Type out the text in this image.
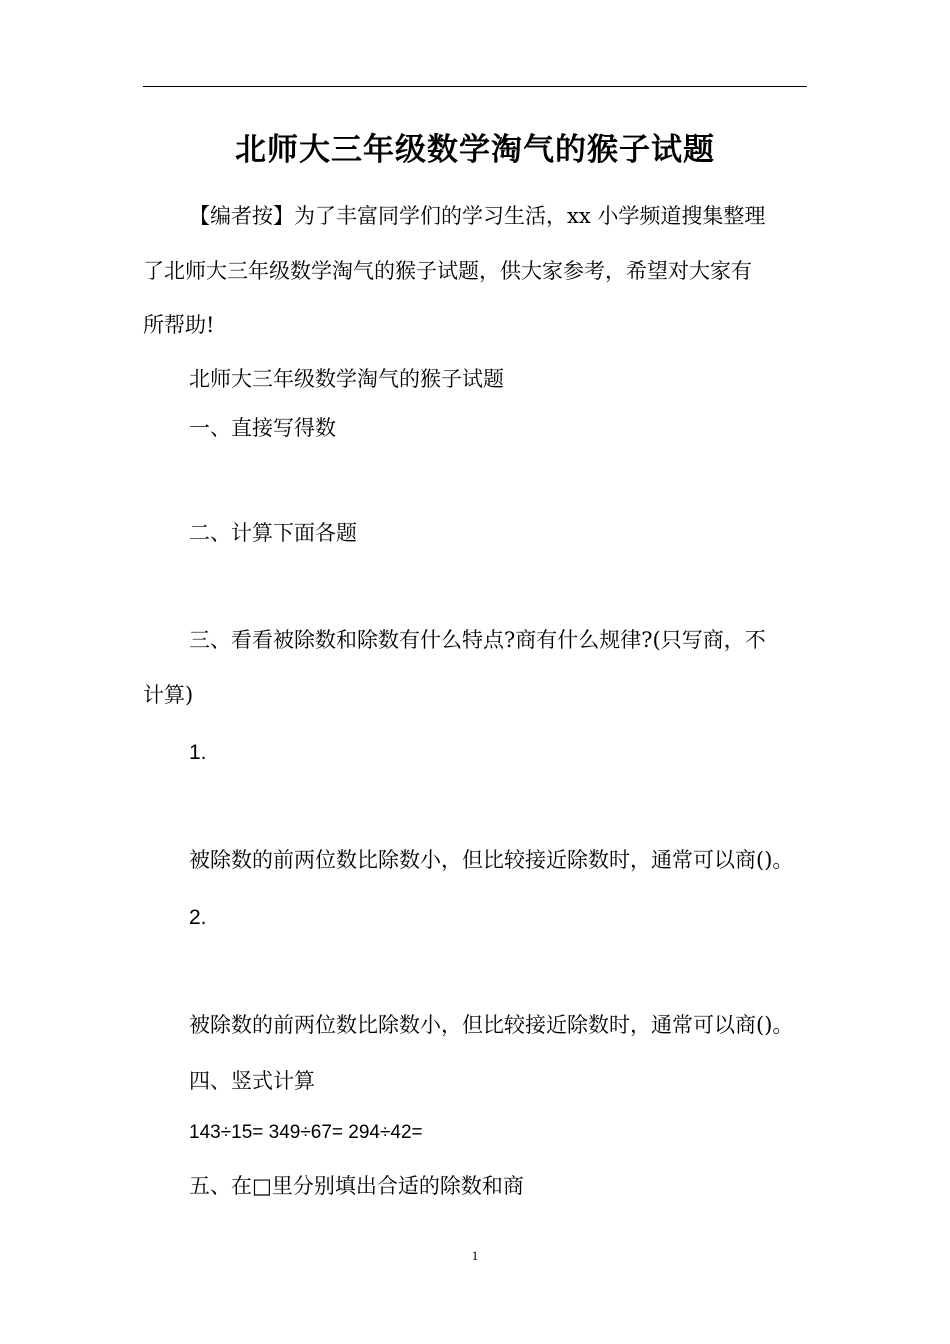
北师大三年级数学淘气的猴子试题
【编者按】为了丰富同学们的学习生活，xx 小学频道搜集整理
了北师大三年级数学淘气的猴子试题，供大家参考，希望对大家有
所帮助!
北师大三年级数学淘气的猴子试题
一、直接写得数
二、计算下面各题
三、看看被除数和除数有什么特点?商有什么规律?(只写商，不
计算)
1.
被除数的前两位数比除数小，但比较接近除数时，通常可以商()。
2.
被除数的前两位数比除数小，但比较接近除数时，通常可以商()。
四、竖式计算
143÷15= 349÷67= 294÷42=
五、在□里分别填出合适的除数和商
1
